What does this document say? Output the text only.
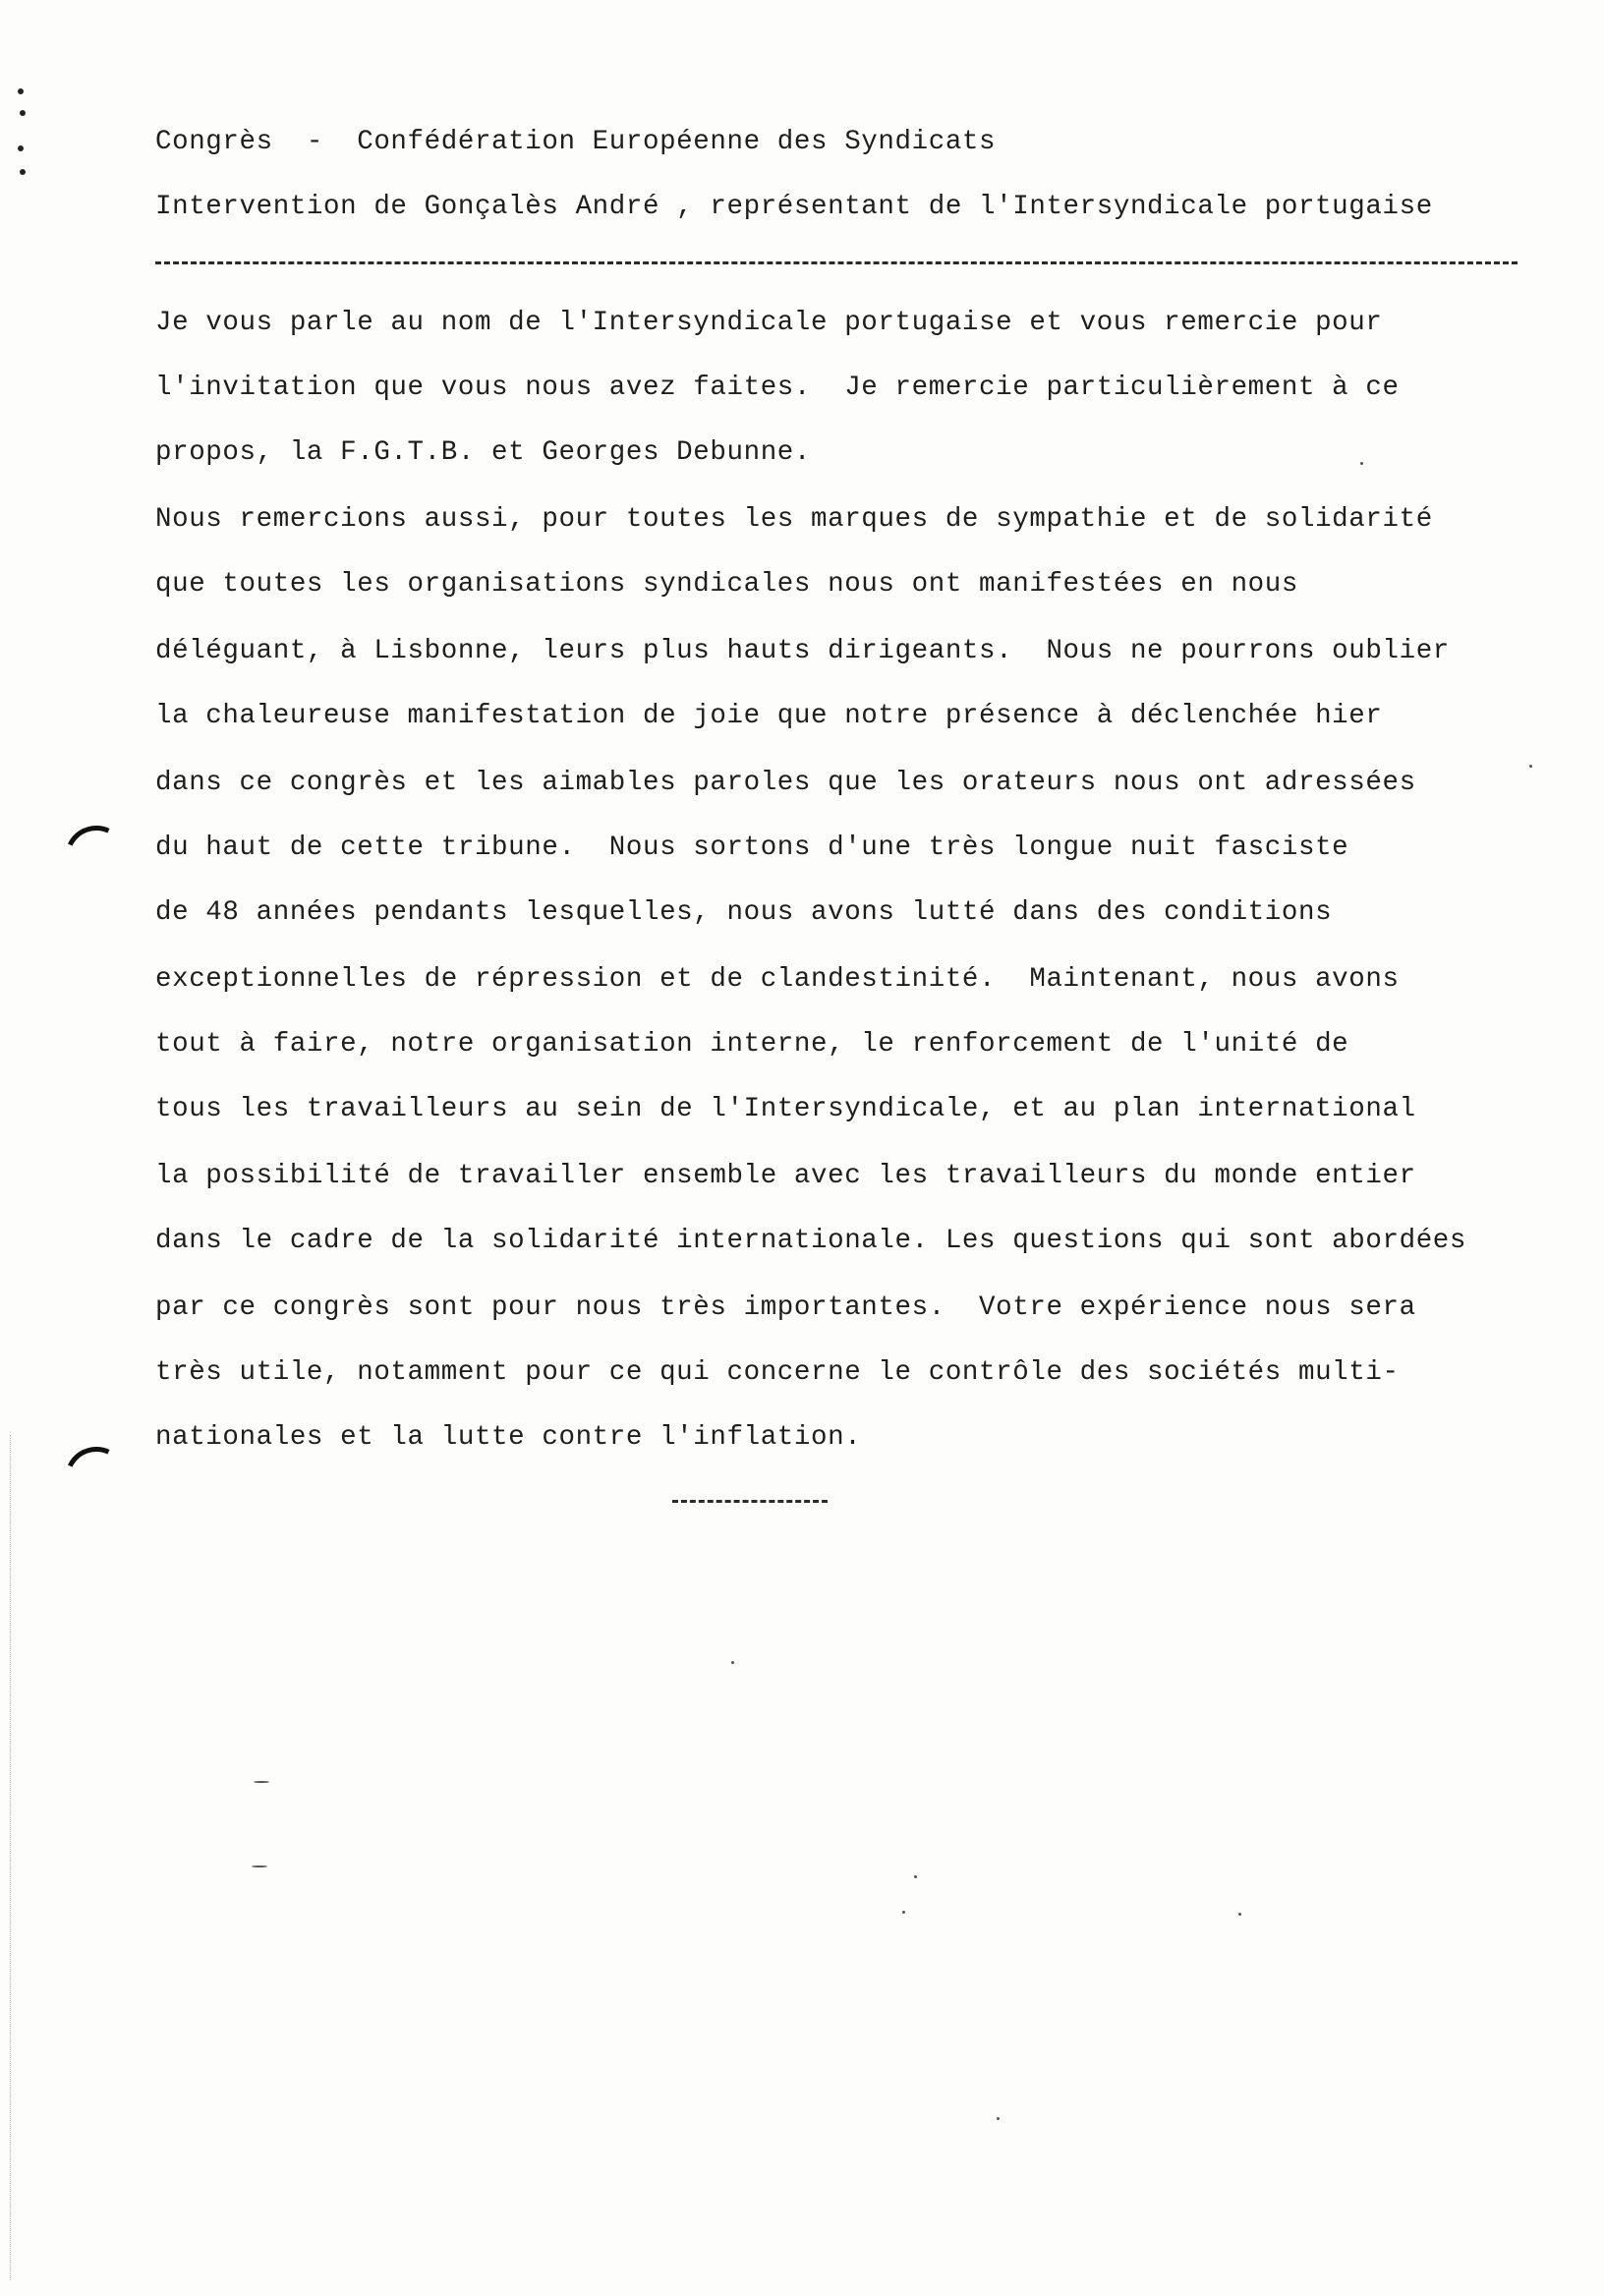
Congrès  -  Confédération Européenne des Syndicats
Intervention de Gonçalès André , représentant de l'Intersyndicale portugaise
Je vous parle au nom de l'Intersyndicale portugaise et vous remercie pour
l'invitation que vous nous avez faites.  Je remercie particulièrement à ce
propos, la F.G.T.B. et Georges Debunne.
Nous remercions aussi, pour toutes les marques de sympathie et de solidarité
que toutes les organisations syndicales nous ont manifestées en nous
déléguant, à Lisbonne, leurs plus hauts dirigeants.  Nous ne pourrons oublier
la chaleureuse manifestation de joie que notre présence à déclenchée hier
dans ce congrès et les aimables paroles que les orateurs nous ont adressées
du haut de cette tribune.  Nous sortons d'une très longue nuit fasciste
de 48 années pendants lesquelles, nous avons lutté dans des conditions
exceptionnelles de répression et de clandestinité.  Maintenant, nous avons
tout à faire, notre organisation interne, le renforcement de l'unité de
tous les travailleurs au sein de l'Intersyndicale, et au plan international
la possibilité de travailler ensemble avec les travailleurs du monde entier
dans le cadre de la solidarité internationale. Les questions qui sont abordées
par ce congrès sont pour nous très importantes.  Votre expérience nous sera
très utile, notamment pour ce qui concerne le contrôle des sociétés multi-
nationales et la lutte contre l'inflation.
